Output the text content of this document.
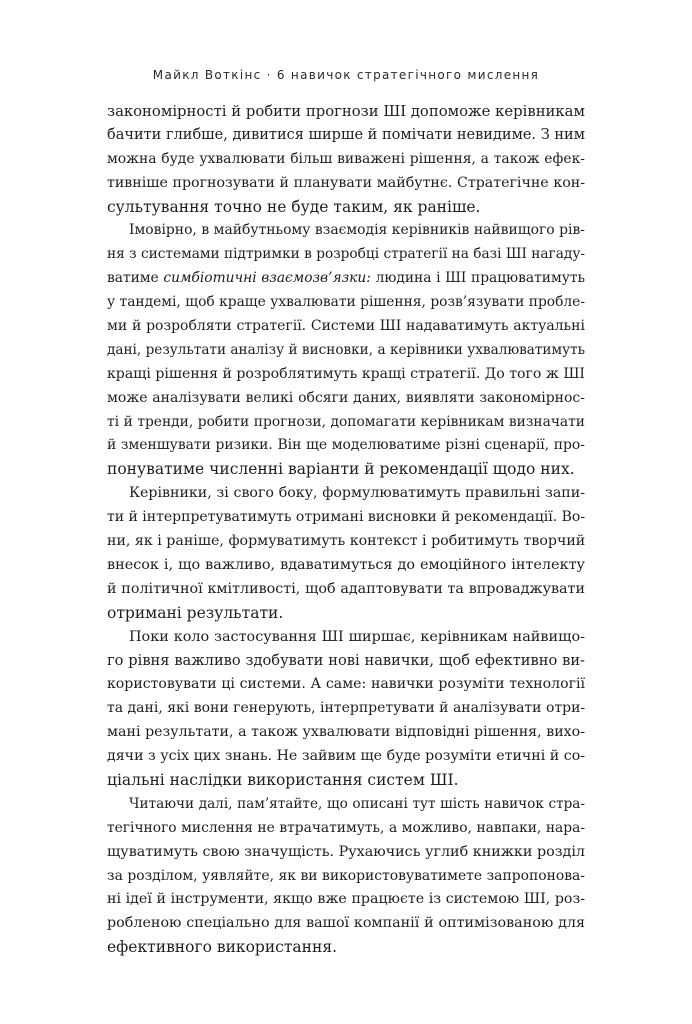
Майкл Воткінс · 6 навичок стратегічного мислення
закономірності й робити прогнози ШІ допоможе керівникам
бачити глибше, дивитися ширше й помічати невидиме. З ним
можна буде ухвалювати більш виважені рішення, а також ефек-
тивніше прогнозувати й планувати майбутнє. Стратегічне кон-
сультування точно не буде таким, як раніше.
Імовірно, в майбутньому взаємодія керівників найвищого рів-
ня з системами підтримки в розробці стратегії на базі ШІ нагаду-
ватиме симбіотичні взаємозв’язки: людина і ШІ працюватимуть
у тандемі, щоб краще ухвалювати рішення, розв’язувати пробле-
ми й розробляти стратегії. Системи ШІ надаватимуть актуальні
дані, результати аналізу й висновки, а керівники ухвалюватимуть
кращі рішення й розроблятимуть кращі стратегії. До того ж ШІ
може аналізувати великі обсяги даних, виявляти закономірнос-
ті й тренди, робити прогнози, допомагати керівникам визначати
й зменшувати ризики. Він ще моделюватиме різні сценарії, про-
понуватиме численні варіанти й рекомендації щодо них.
Керівники, зі свого боку, формулюватимуть правильні запи-
ти й інтерпретуватимуть отримані висновки й рекомендації. Во-
ни, як і раніше, формуватимуть контекст і робитимуть творчий
внесок і, що важливо, вдаватимуться до емоційного інтелекту
й політичної кмітливості, щоб адаптовувати та впроваджувати
отримані результати.
Поки коло застосування ШІ ширшає, керівникам найвищо-
го рівня важливо здобувати нові навички, щоб ефективно ви-
користовувати ці системи. А саме: навички розуміти технології
та дані, які вони генерують, інтерпретувати й аналізувати отри-
мані результати, а також ухвалювати відповідні рішення, вихо-
дячи з усіх цих знань. Не зайвим ще буде розуміти етичні й со-
ціальні наслідки використання систем ШІ.
Читаючи далі, пам’ятайте, що описані тут шість навичок стра-
тегічного мислення не втрачатимуть, а можливо, навпаки, нара-
щуватимуть свою значущість. Рухаючись углиб книжки розділ
за розділом, уявляйте, як ви використовуватимете запропонова-
ні ідеї й інструменти, якщо вже працюєте із системою ШІ, роз-
робленою спеціально для вашої компанії й оптимізованою для
ефективного використання.
